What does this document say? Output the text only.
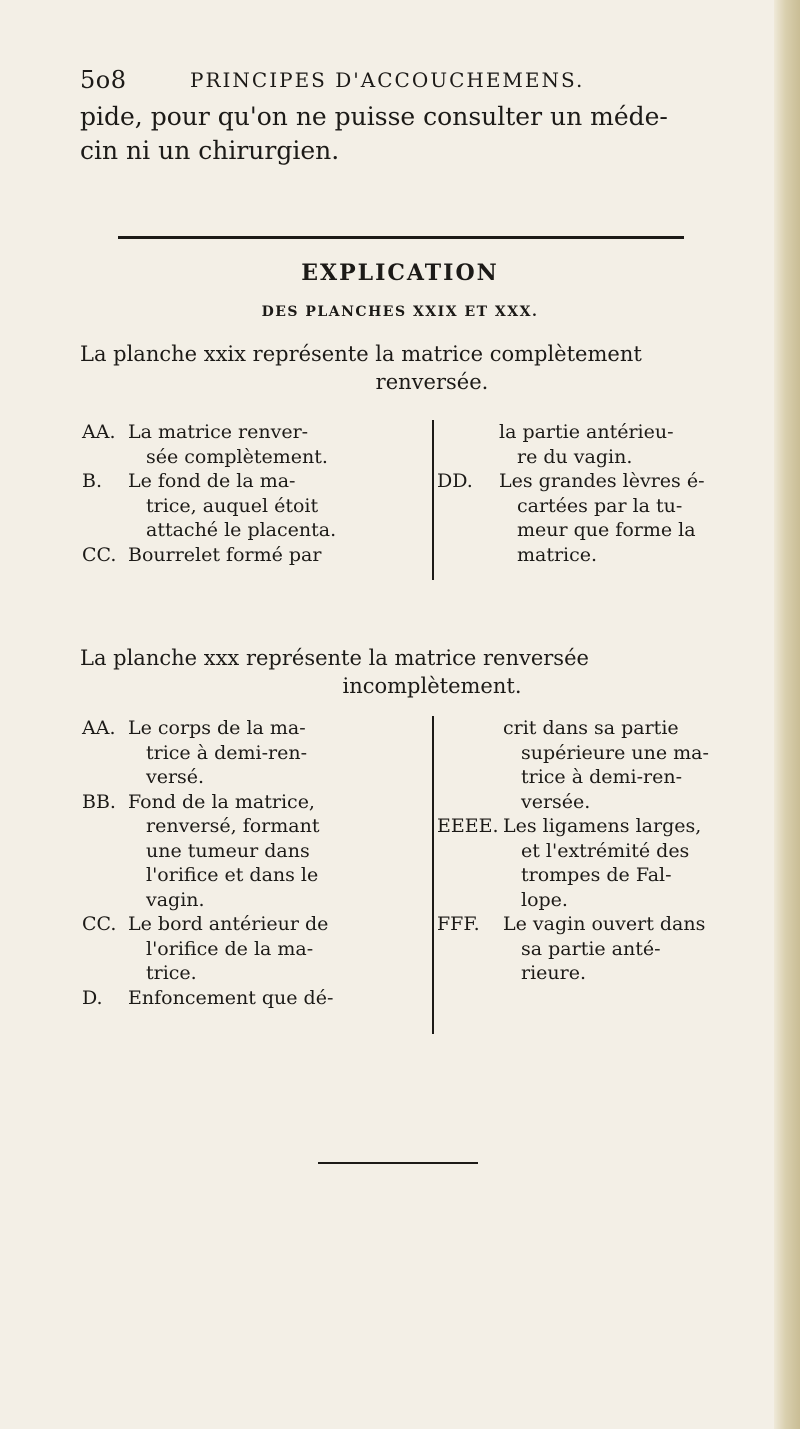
5o8	PRINCIPES D'ACCOUCHEMENS.
pide, pour qu'on ne puisse consulter un méde-
cin ni un chirurgien.
EXPLICATION
DES PLANCHES XXIX ET XXX.
La planche xxix représente la matrice complètement
renversée.
AA. La matrice renver-
sée complètement.
B. Le fond de la ma-
trice, auquel étoit
attaché le placenta.
CC. Bourrelet formé par
la partie antérieu-
re du vagin.
DD. Les grandes lèvres é-
cartées par la tu-
meur que forme la
matrice.
La planche xxx représente la matrice renversée
incomplètement.
AA. Le corps de la ma-
trice à demi-ren-
versé.
BB. Fond de la matrice,
renversé, formant
une tumeur dans
l'orifice et dans le
vagin.
CC. Le bord antérieur de
l'orifice de la ma-
trice.
D. Enfoncement que dé-
crit dans sa partie
supérieure une ma-
trice à demi-ren-
versée.
EEEE. Les ligamens larges,
et l'extrémité des
trompes de Fal-
lope.
FFF. Le vagin ouvert dans
sa partie anté-
rieure.
